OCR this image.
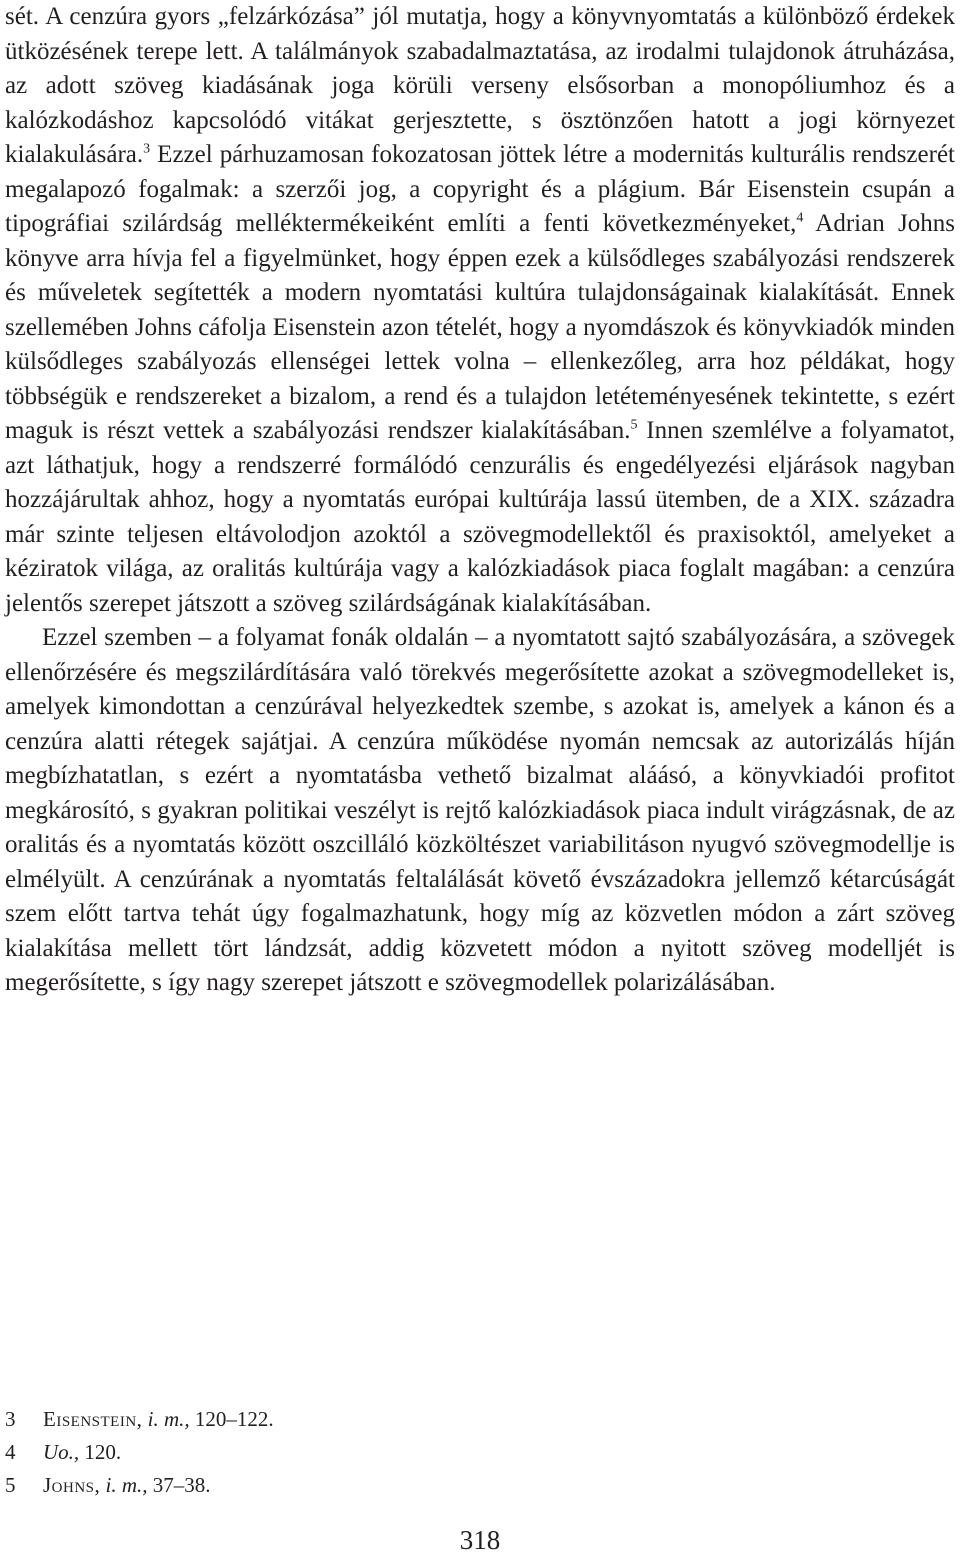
sét. A cenzúra gyors „felzárkózása” jól mutatja, hogy a könyvnyomtatás a különböző érdekek ütközésének terepe lett. A találmányok szabadalmaztatása, az irodalmi tulajdonok átruházása, az adott szöveg kiadásának joga körüli verseny elsősorban a monopóliumhoz és a kalózkodáshoz kapcsolódó vitákat gerjesztette, s ösztönzően hatott a jogi környezet kialakulására.$^3$ Ezzel párhuzamosan fokozatosan jöttek létre a modernitás kulturális rendszerét megalapozó fogalmak: a szerzői jog, a copyright és a plágium. Bár Eisenstein csupán a tipográfiai szilárdság melléktermékeiként említi a fenti következményeket,$^4$ Adrian Johns könyve arra hívja fel a figyelmünket, hogy éppen ezek a külsődleges szabályozási rendszerek és műveletek segítették a modern nyomtatási kultúra tulajdonságainak kialakítását. Ennek szellemében Johns cáfolja Eisenstein azon tételét, hogy a nyomdászok és könyvkiadók minden külsődleges szabályozás ellenségei lettek volna – ellenkezőleg, arra hoz példákat, hogy többségük e rendszereket a bizalom, a rend és a tulajdon letéteményesének tekintette, s ezért maguk is részt vettek a szabályozási rendszer kialakításában.$^5$ Innen szemlélve a folyamatot, azt láthatjuk, hogy a rendszerré formálódó cenzurális és engedélyezési eljárások nagyban hozzájárultak ahhoz, hogy a nyomtatás európai kultúrája lassú ütemben, de a XIX. századra már szinte teljesen eltávolodjon azoktól a szövegmodellektől és praxisoktól, amelyeket a kéziratok világa, az oralitás kultúrája vagy a kalózkiadások piaca foglalt magában: a cenzúra jelentős szerepet játszott a szöveg szilárdságának kialakításában.

Ezzel szemben – a folyamat fonák oldalán – a nyomtatott sajtó szabályozására, a szövegek ellenőrzésére és megszilárdítására való törekvés megerősítette azokat a szövegmodelleket is, amelyek kimondottan a cenzúrával helyezkedtek szembe, s azokat is, amelyek a kánon és a cenzúra alatti rétegek sajátjai. A cenzúra működése nyomán nemcsak az autorizálás híján megbízhatatlan, s ezért a nyomtatásba vethető bizalmat aláásó, a könyvkiadói profitot megkárosító, s gyakran politikai veszélyt is rejtő kalózkiadások piaca indult virágzásnak, de az oralitás és a nyomtatás között oszcilláló közköltészet variabilitáson nyugvó szövegmodellje is elmélyült. A cenzúrának a nyomtatás feltalálását követő évszázadokra jellemző kétarcúságát szem előtt tartva tehát úgy fogalmazhatunk, hogy míg az közvetlen módon a zárt szöveg kialakítása mellett tört lándzsát, addig közvetett módon a nyitott szöveg modelljét is megerősítette, s így nagy szerepet játszott e szövegmodellek polarizálásában.

3 Eisenstein, i. m., 120–122.
4 Uo., 120.
5 Johns, i. m., 37–38.
318
